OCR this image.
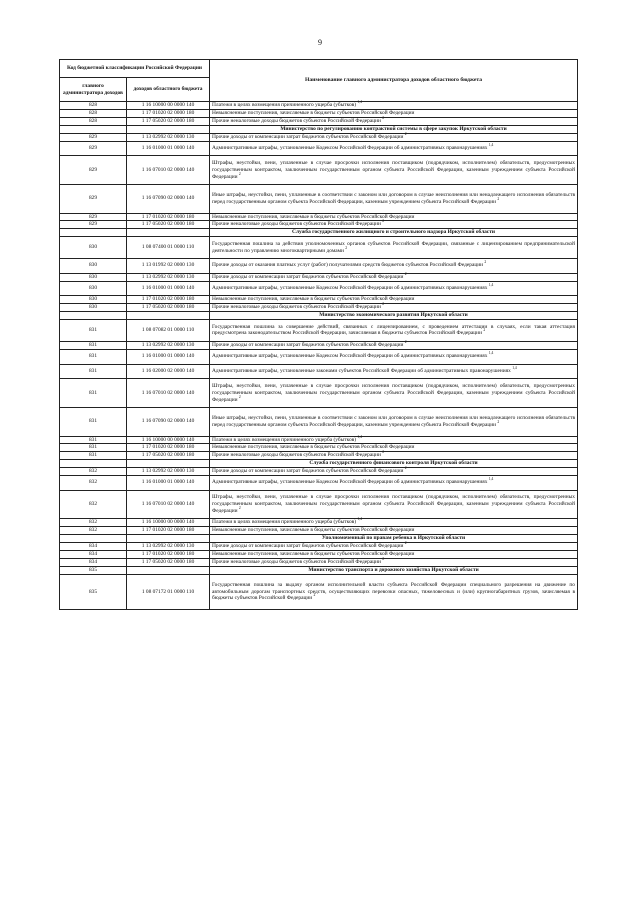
9
Код бюджетной классификации Российской Федерации		Наименование главного администратора доходов областного бюджета
главного администратора доходов	доходов областного бюджета	
828	1 16 10000 00 0000 140	Платежи в целях возмещения причиненного ущерба (убытков) $^{1,4}$
828	1 17 01020 02 0000 180	Невыясненные поступления, зачисляемые в бюджеты субъектов Российской Федерации
828	1 17 05020 02 0000 180	Прочие неналоговые доходы бюджетов субъектов Российской Федерации $^2$
		Министерство по регулированию контрактной системы в сфере закупок Иркутской области
829	1 13 02992 02 0000 130	Прочие доходы от компенсации затрат бюджетов субъектов Российской Федерации $^2$
829	1 16 01000 01 0000 140	Административные штрафы, установленные Кодексом Российской Федерации об административных правонарушениях $^{1,4}$
829	1 16 07010 02 0000 140	Штрафы, неустойки, пени, уплаченные в случае просрочки исполнения поставщиком (подрядчиком, исполнителем) обязательств, предусмотренных государственным контрактом, заключенным государственным органом субъекта Российской Федерации, казенным учреждением субъекта Российской Федерации $^2$
829	1 16 07090 02 0000 140	Иные штрафы, неустойки, пени, уплаченные в соответствии с законом или договором в случае неисполнения или ненадлежащего исполнения обязательств перед государственным органом субъекта Российской Федерации, казенным учреждением субъекта Российской Федерации $^2$
829	1 17 01020 02 0000 180	Невыясненные поступления, зачисляемые в бюджеты субъектов Российской Федерации
829	1 17 05020 02 0000 180	Прочие неналоговые доходы бюджетов субъектов Российской Федерации $^2$
		Служба государственного жилищного и строительного надзора Иркутской области
830	1 08 07400 01 0000 110	Государственная пошлина за действия уполномоченных органов субъектов Российской Федерации, связанные с лицензированием предпринимательской деятельности по управлению многоквартирными домами $^2$
830	1 13 01992 02 0000 130	Прочие доходы от оказания платных услуг (работ) получателями средств бюджетов субъектов Российской Федерации $^2$
830	1 13 02992 02 0000 130	Прочие доходы от компенсации затрат бюджетов субъектов Российской Федерации $^2$
830	1 16 01000 01 0000 140	Административные штрафы, установленные Кодексом Российской Федерации об административных правонарушениях $^{1,4}$
830	1 17 01020 02 0000 180	Невыясненные поступления, зачисляемые в бюджеты субъектов Российской Федерации
830	1 17 05020 02 0000 180	Прочие неналоговые доходы бюджетов субъектов Российской Федерации $^2$
		Министерство экономического развития Иркутской области
831	1 08 07082 01 0000 110	Государственная пошлина за совершение действий, связанных с лицензированием, с проведением аттестации в случаях, если такая аттестация предусмотрена законодательством Российской Федерации, зачисляемая в бюджеты субъектов Российской Федерации $^2$
831	1 13 02992 02 0000 130	Прочие доходы от компенсации затрат бюджетов субъектов Российской Федерации $^2$
831	1 16 01000 01 0000 140	Административные штрафы, установленные Кодексом Российской Федерации об административных правонарушениях $^{1,4}$
831	1 16 02000 02 0000 140	Административные штрафы, установленные законами субъектов Российской Федерации об административных правонарушениях $^{1,4}$
831	1 16 07010 02 0000 140	Штрафы, неустойки, пени, уплаченные в случае просрочки исполнения поставщиком (подрядчиком, исполнителем) обязательств, предусмотренных государственным контрактом, заключенным государственным органом субъекта Российской Федерации, казенным учреждением субъекта Российской Федерации $^2$
831	1 16 07090 02 0000 140	Иные штрафы, неустойки, пени, уплаченные в соответствии с законом или договором в случае неисполнения или ненадлежащего исполнения обязательств перед государственным органом субъекта Российской Федерации, казенным учреждением субъекта Российской Федерации $^2$
831	1 16 10000 00 0000 140	Платежи в целях возмещения причиненного ущерба (убытков) $^{1,4}$
831	1 17 01020 02 0000 180	Невыясненные поступления, зачисляемые в бюджеты субъектов Российской Федерации
831	1 17 05020 02 0000 180	Прочие неналоговые доходы бюджетов субъектов Российской Федерации $^2$
		Служба государственного финансового контроля Иркутской области
832	1 13 02992 02 0000 130	Прочие доходы от компенсации затрат бюджетов субъектов Российской Федерации $^2$
832	1 16 01000 01 0000 140	Административные штрафы, установленные Кодексом Российской Федерации об административных правонарушениях $^{1,4}$
832	1 16 07010 02 0000 140	Штрафы, неустойки, пени, уплаченные в случае просрочки исполнения поставщиком (подрядчиком, исполнителем) обязательств, предусмотренных государственным контрактом, заключенным государственным органом субъекта Российской Федерации, казенным учреждением субъекта Российской Федерации $^2$
832	1 16 10000 00 0000 140	Платежи в целях возмещения причиненного ущерба (убытков) $^{1,4}$
832	1 17 01020 02 0000 180	Невыясненные поступления, зачисляемые в бюджеты субъектов Российской Федерации
		Уполномоченный по правам ребенка в Иркутской области
834	1 13 02992 02 0000 130	Прочие доходы от компенсации затрат бюджетов субъектов Российской Федерации $^2$
834	1 17 01020 02 0000 180	Невыясненные поступления, зачисляемые в бюджеты субъектов Российской Федерации
834	1 17 05020 02 0000 180	Прочие неналоговые доходы бюджетов субъектов Российской Федерации $^2$
835		Министерство транспорта и дорожного хозяйства Иркутской области
835	1 08 07172 01 0000 110	Государственная пошлина за выдачу органом исполнительной власти субъекта Российской Федерации специального разрешения на движение по автомобильным дорогам транспортных средств, осуществляющих перевозки опасных, тяжеловесных и (или) крупногабаритных грузов, зачисляемая в бюджеты субъектов Российской Федерации $^2$
